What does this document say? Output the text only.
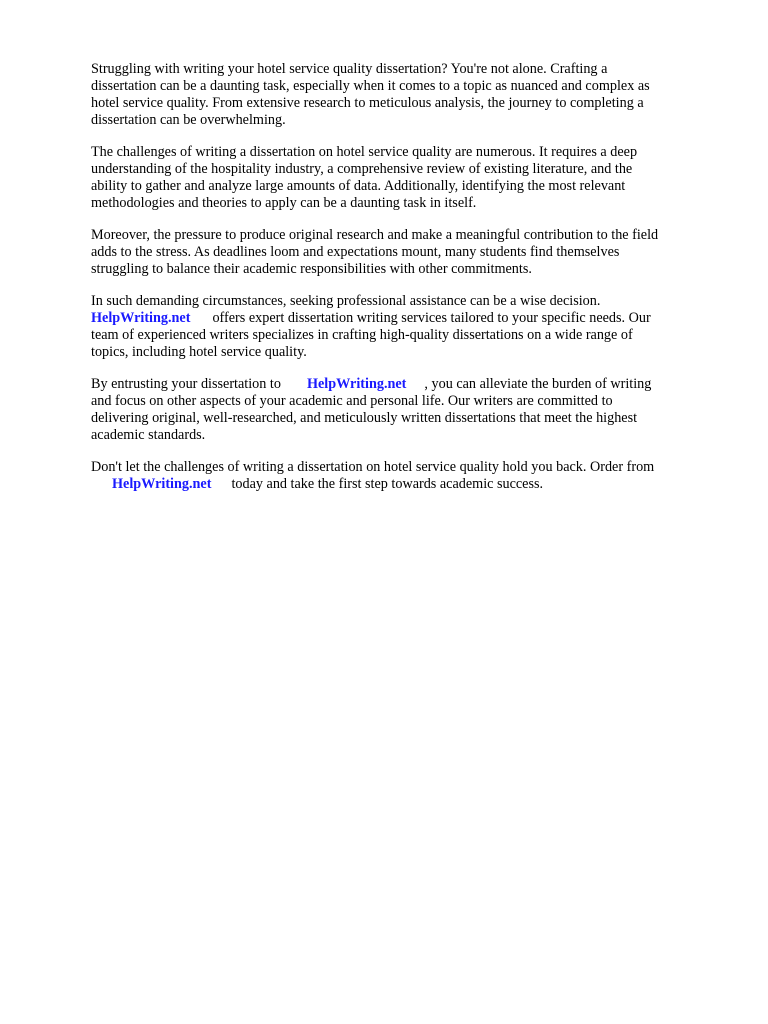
Struggling with writing your hotel service quality dissertation? You're not alone. Crafting a

dissertation can be a daunting task, especially when it comes to a topic as nuanced and complex as

hotel service quality. From extensive research to meticulous analysis, the journey to completing a

dissertation can be overwhelming.

The challenges of writing a dissertation on hotel service quality are numerous. It requires a deep

understanding of the hospitality industry, a comprehensive review of existing literature, and the

ability to gather and analyze large amounts of data. Additionally, identifying the most relevant

methodologies and theories to apply can be a daunting task in itself.

Moreover, the pressure to produce original research and make a meaningful contribution to the field

adds to the stress. As deadlines loom and expectations mount, many students find themselves

struggling to balance their academic responsibilities with other commitments.

In such demanding circumstances, seeking professional assistance can be a wise decision.

HelpWriting.net offers expert dissertation writing services tailored to your specific needs. Our

team of experienced writers specializes in crafting high-quality dissertations on a wide range of

topics, including hotel service quality.

By entrusting your dissertation to HelpWriting.net , you can alleviate the burden of writing

and focus on other aspects of your academic and personal life. Our writers are committed to

delivering original, well-researched, and meticulously written dissertations that meet the highest

academic standards.

Don't let the challenges of writing a dissertation on hotel service quality hold you back. Order from

HelpWriting.net today and take the first step towards academic success.
